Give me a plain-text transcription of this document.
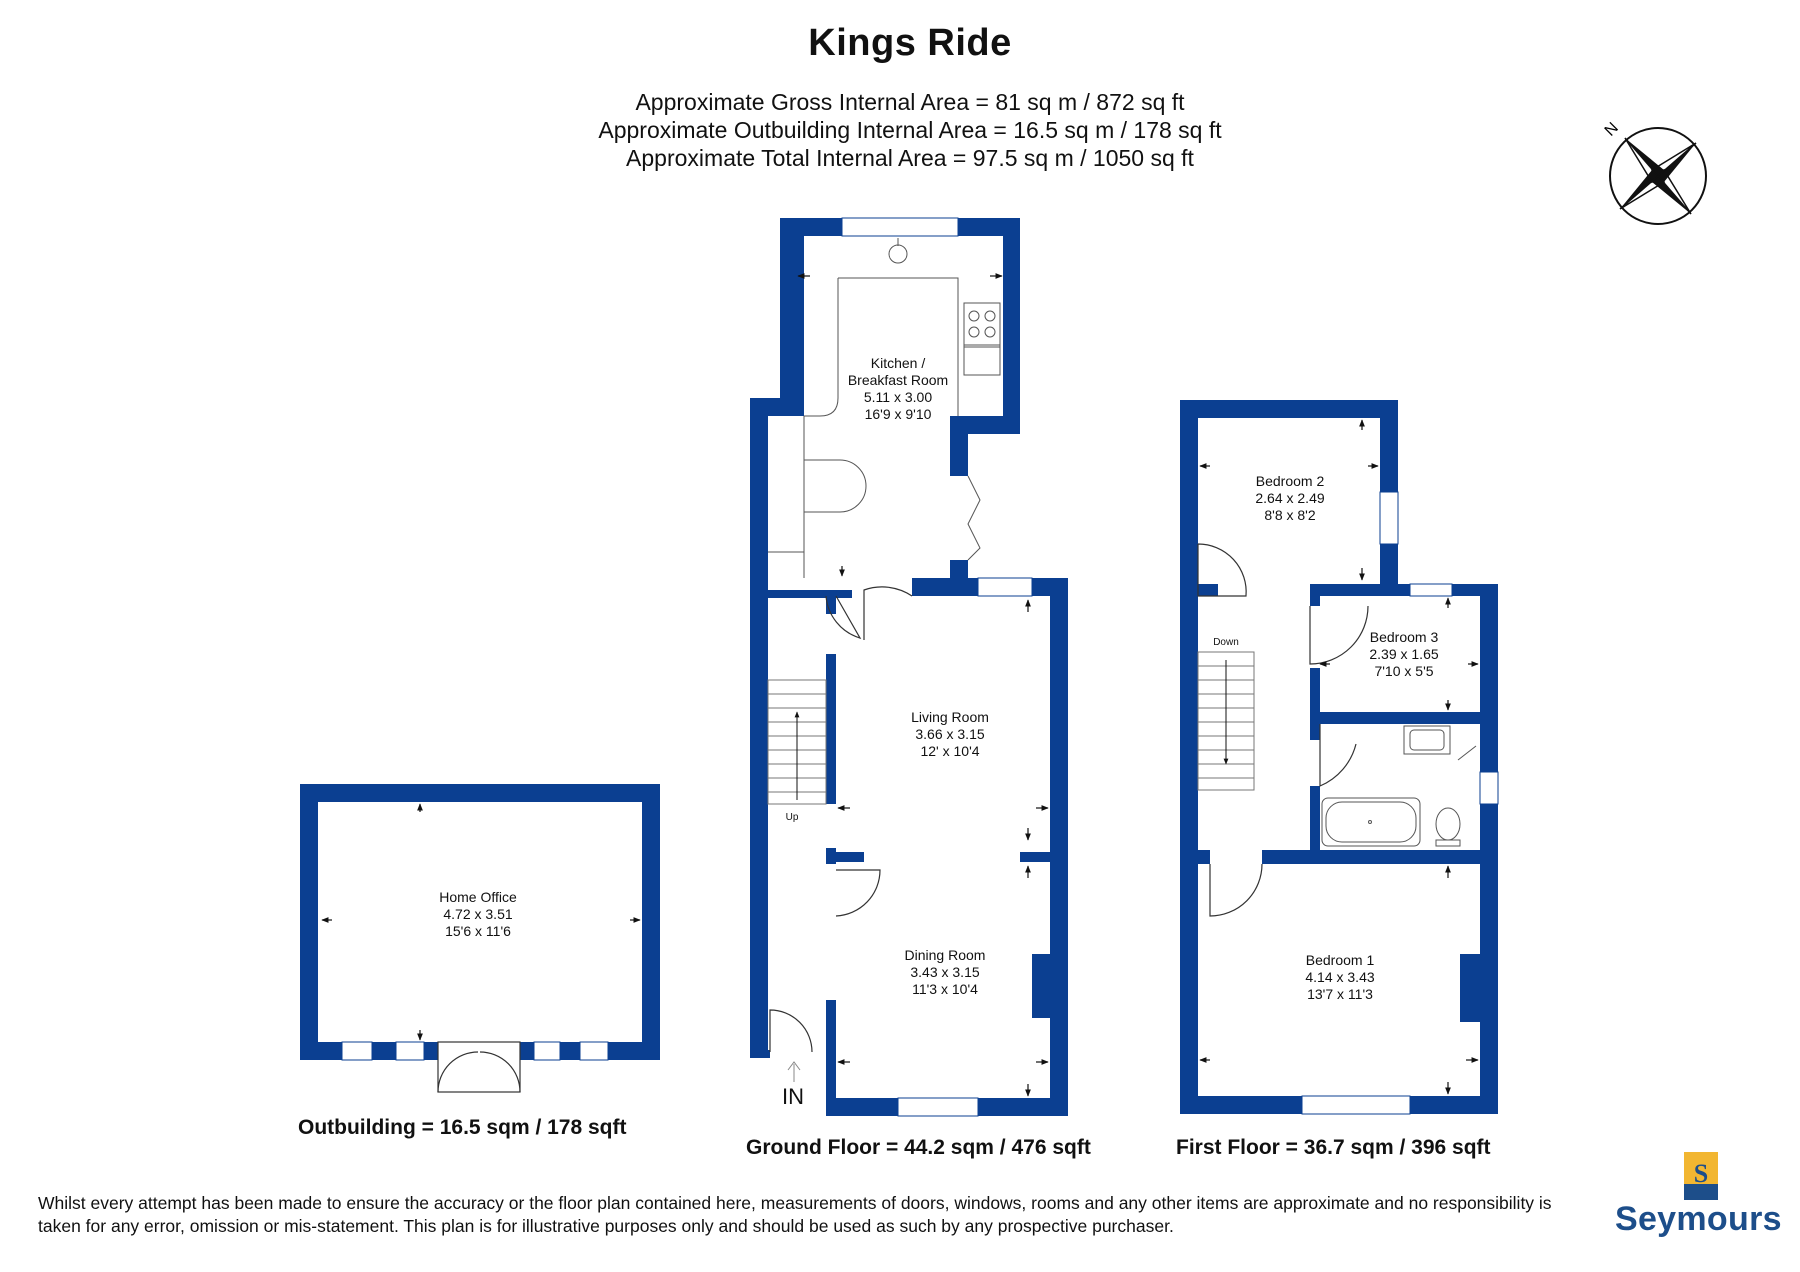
Kings Ride
Approximate Gross Internal Area = 81 sq m / 872 sq ft
Approximate Outbuilding Internal Area = 16.5 sq m / 178 sq ft
Approximate Total Internal Area = 97.5 sq m / 1050 sq ft
N
Home Office
4.72 x 3.51
15'6 x 11'6
Kitchen /
Breakfast Room
5.11 x 3.00
16'9 x 9'10
Up
Living Room
3.66 x 3.15
12' x 10'4
Dining Room
3.43 x 3.15
11'3 x 10'4
IN
Down
Bedroom 2
2.64 x 2.49
8'8 x 8'2
Bedroom 3
2.39 x 1.65
7'10 x 5'5
Bedroom 1
4.14 x 3.43
13'7 x 11'3
Outbuilding = 16.5 sqm / 178 sqft
Ground Floor = 44.2 sqm / 476 sqft	First Floor = 36.7 sqm / 396 sqft
Whilst every attempt has been made to ensure the accuracy or the floor plan contained here, measurements of doors, windows, rooms and any other items are approximate and no responsibility is taken for any error, omission or mis-statement. This plan is for illustrative purposes only and should be used as such by any prospective purchaser.
S
Seymours
